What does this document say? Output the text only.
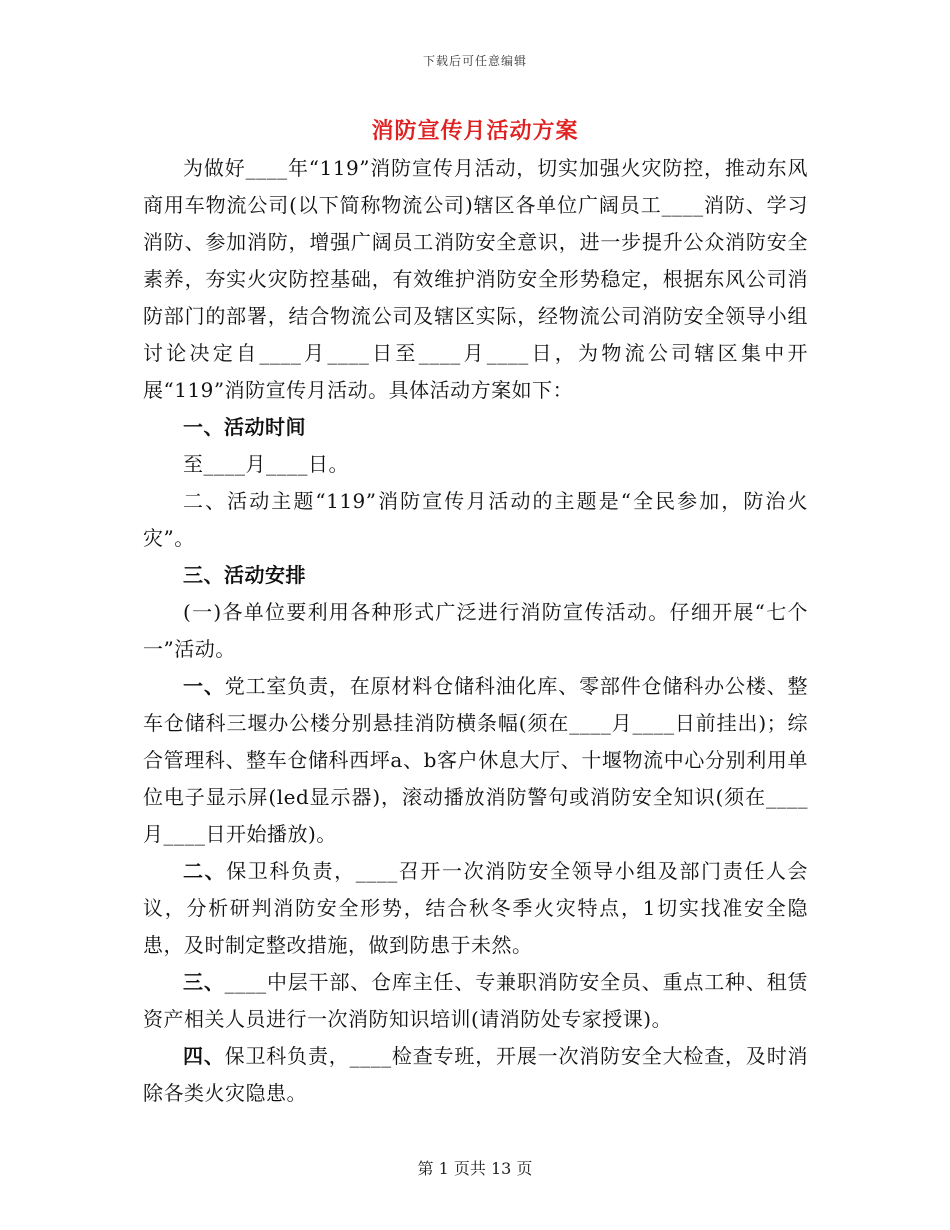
下载后可任意编辑
消防宣传月活动方案

为做好____年“119”消防宣传月活动，切实加强火灾防控，推动东风商用车物流公司(以下简称物流公司)辖区各单位广阔员工____消防、学习消防、参加消防，增强广阔员工消防安全意识，进一步提升公众消防安全素养，夯实火灾防控基础，有效维护消防安全形势稳定，根据东风公司消防部门的部署，结合物流公司及辖区实际，经物流公司消防安全领导小组讨论决定自____月____日至____月____日，为物流公司辖区集中开展“119”消防宣传月活动。具体活动方案如下：

一、活动时间

至____月____日。

二、活动主题“119”消防宣传月活动的主题是“全民参加，防治火灾”。

三、活动安排

(一)各单位要利用各种形式广泛进行消防宣传活动。仔细开展“七个一”活动。

一、党工室负责，在原材料仓储科油化库、零部件仓储科办公楼、整车仓储科三堰办公楼分别悬挂消防横条幅(须在____月____日前挂出)；综合管理科、整车仓储科西坪a、b客户休息大厅、十堰物流中心分别利用单位电子显示屏(led显示器)，滚动播放消防警句或消防安全知识(须在____月____日开始播放)。

二、保卫科负责，____召开一次消防安全领导小组及部门责任人会议，分析研判消防安全形势，结合秋冬季火灾特点，1切实找准安全隐患，及时制定整改措施，做到防患于未然。

三、____中层干部、仓库主任、专兼职消防安全员、重点工种、租赁资产相关人员进行一次消防知识培训(请消防处专家授课)。

四、保卫科负责，____检查专班，开展一次消防安全大检查，及时消除各类火灾隐患。

第 1 页共 13 页
